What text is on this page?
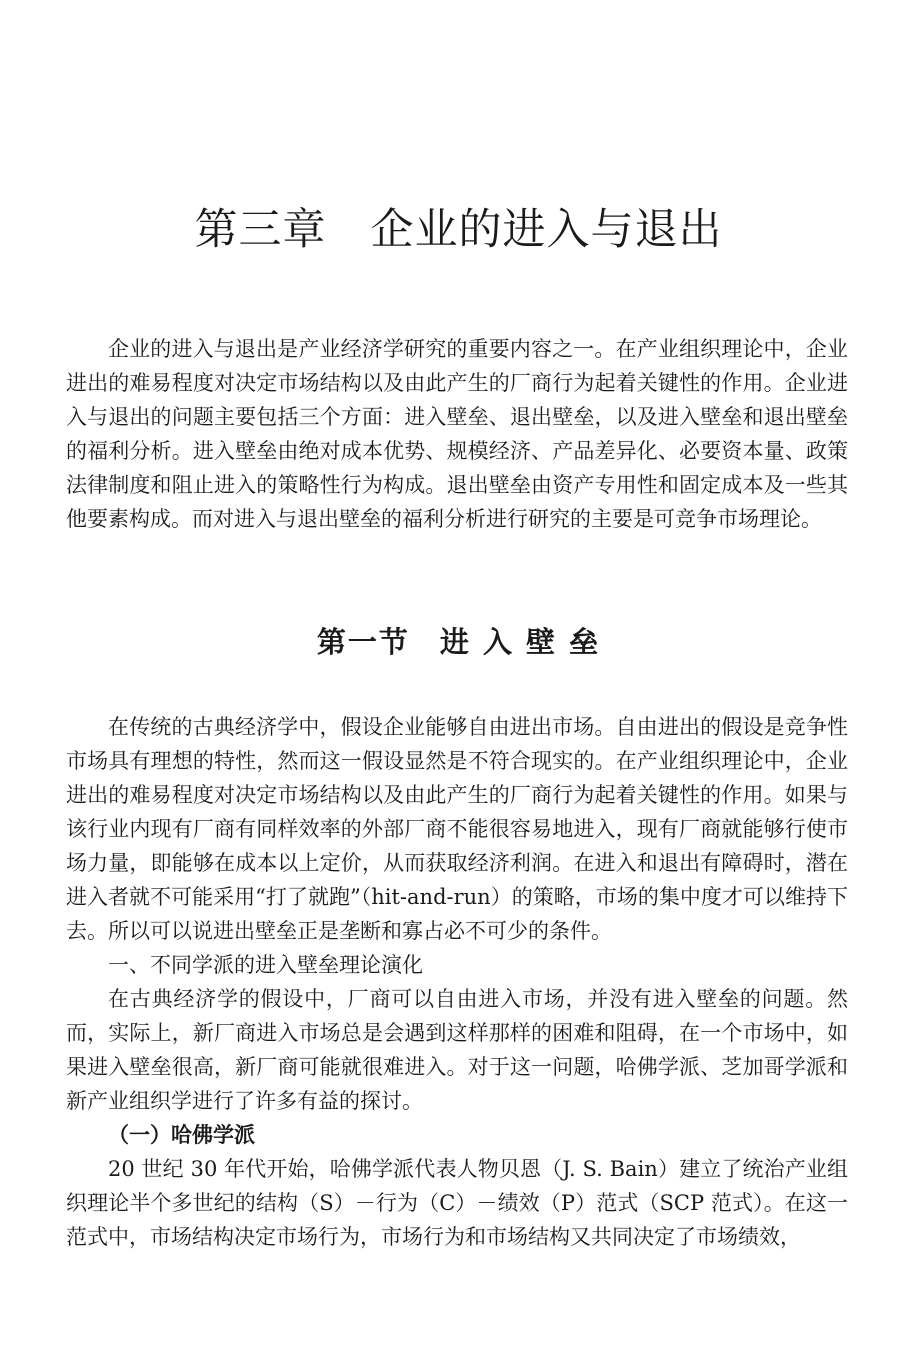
第三章 企业的进入与退出

企业的进入与退出是产业经济学研究的重要内容之一。在产业组织理论中，企业进出的难易程度对决定市场结构以及由此产生的厂商行为起着关键性的作用。企业进入与退出的问题主要包括三个方面：进入壁垒、退出壁垒，以及进入壁垒和退出壁垒的福利分析。进入壁垒由绝对成本优势、规模经济、产品差异化、必要资本量、政策法律制度和阻止进入的策略性行为构成。退出壁垒由资产专用性和固定成本及一些其他要素构成。而对进入与退出壁垒的福利分析进行研究的主要是可竞争市场理论。

第一节 进 入 壁 垒

在传统的古典经济学中，假设企业能够自由进出市场。自由进出的假设是竞争性市场具有理想的特性，然而这一假设显然是不符合现实的。在产业组织理论中，企业进出的难易程度对决定市场结构以及由此产生的厂商行为起着关键性的作用。如果与该行业内现有厂商有同样效率的外部厂商不能很容易地进入，现有厂商就能够行使市场力量，即能够在成本以上定价，从而获取经济利润。在进入和退出有障碍时，潜在进入者就不可能采用“打了就跑”（hit-and-run）的策略，市场的集中度才可以维持下去。所以可以说进出壁垒正是垄断和寡占必不可少的条件。

一、不同学派的进入壁垒理论演化

在古典经济学的假设中，厂商可以自由进入市场，并没有进入壁垒的问题。然而，实际上，新厂商进入市场总是会遇到这样那样的困难和阻碍，在一个市场中，如果进入壁垒很高，新厂商可能就很难进入。对于这一问题，哈佛学派、芝加哥学派和新产业组织学进行了许多有益的探讨。

（一）哈佛学派

20 世纪 30 年代开始，哈佛学派代表人物贝恩（J. S. Bain）建立了统治产业组织理论半个多世纪的结构（S）－行为（C）－绩效（P）范式（SCP 范式）。在这一范式中，市场结构决定市场行为，市场行为和市场结构又共同决定了市场绩效，
